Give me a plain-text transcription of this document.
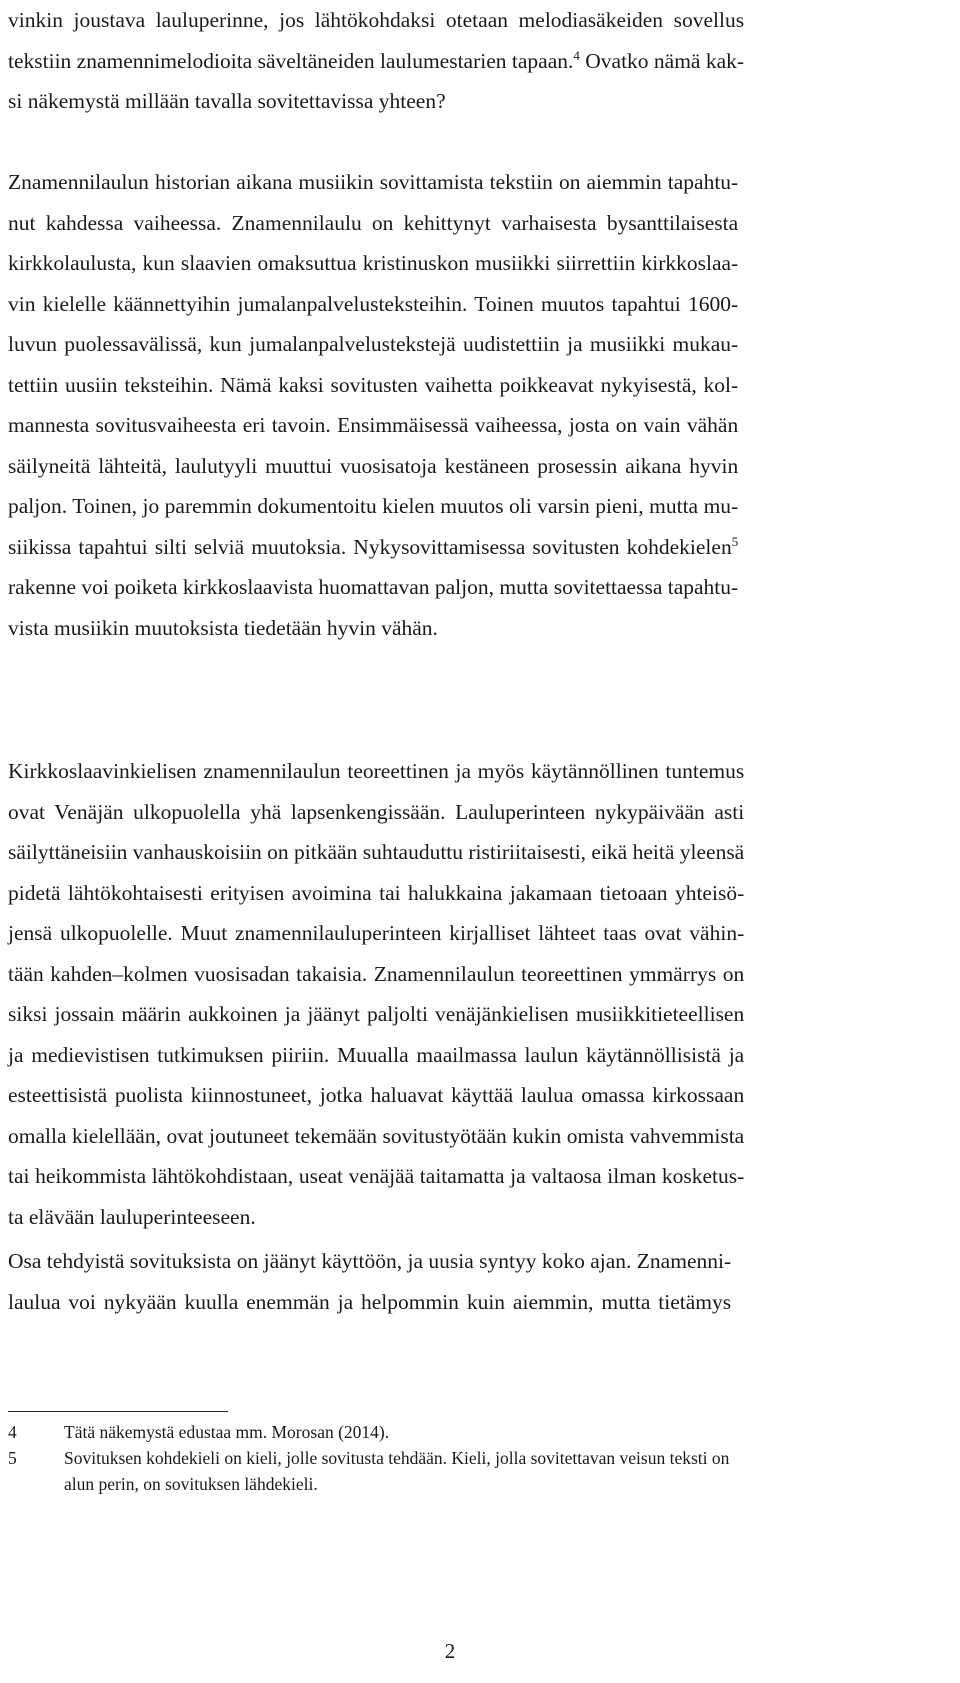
vinkin joustava lauluperinne, jos lähtökohdaksi otetaan melodiasäkeiden sovellus
tekstiin znamennimelodioita säveltäneiden laulumestarien tapaan.$^4$ Ovatko nämä kak-
si näkemystä millään tavalla sovitettavissa yhteen?

Znamennilaulun historian aikana musiikin sovittamista tekstiin on aiemmin tapahtu-
nut kahdessa vaiheessa. Znamennilaulu on kehittynyt varhaisesta bysanttilaisesta
kirkkolaulusta, kun slaavien omaksuttua kristinuskon musiikki siirrettiin kirkkoslaa-
vin kielelle käännettyihin jumalanpalvelusteksteihin. Toinen muutos tapahtui 1600-
luvun puolessavälissä, kun jumalanpalvelustekstejä uudistettiin ja musiikki mukau-
tettiin uusiin teksteihin. Nämä kaksi sovitusten vaihetta poikkeavat nykyisestä, kol-
mannesta sovitusvaiheesta eri tavoin. Ensimmäisessä vaiheessa, josta on vain vähän
säilyneitä lähteitä, laulutyyli muuttui vuosisatoja kestäneen prosessin aikana hyvin
paljon. Toinen, jo paremmin dokumentoitu kielen muutos oli varsin pieni, mutta mu-
siikissa tapahtui silti selviä muutoksia. Nykysovittamisessa sovitusten kohdekielen$^5$
rakenne voi poiketa kirkkoslaavista huomattavan paljon, mutta sovitettaessa tapahtu-
vista musiikin muutoksista tiedetään hyvin vähän.

Kirkkoslaavinkielisen znamennilaulun teoreettinen ja myös käytännöllinen tuntemus
ovat Venäjän ulkopuolella yhä lapsenkengissään. Lauluperinteen nykypäivään asti
säilyttäneisiin vanhauskoisiin on pitkään suhtauduttu ristiriitaisesti, eikä heitä yleensä
pidetä lähtökohtaisesti erityisen avoimina tai halukkaina jakamaan tietoaan yhteisö-
jensä ulkopuolelle. Muut znamennilauluperinteen kirjalliset lähteet taas ovat vähin-
tään kahden–kolmen vuosisadan takaisia. Znamennilaulun teoreettinen ymmärrys on
siksi jossain määrin aukkoinen ja jäänyt paljolti venäjänkielisen musiikkitieteellisen
ja medievistisen tutkimuksen piiriin. Muualla maailmassa laulun käytännöllisistä ja
esteettisistä puolista kiinnostuneet, jotka haluavat käyttää laulua omassa kirkossaan
omalla kielellään, ovat joutuneet tekemään sovitustyötään kukin omista vahvemmista
tai heikommista lähtökohdistaan, useat venäjää taitamatta ja valtaosa ilman kosketus-
ta elävään lauluperinteeseen.

Osa tehdyistä sovituksista on jäänyt käyttöön, ja uusia syntyy koko ajan. Znamenni-
laulua voi nykyään kuulla enemmän ja helpommin kuin aiemmin, mutta tietämys

4	Tätä näkemystä edustaa mm. Morosan (2014).
5	Sovituksen kohdekieli on kieli, jolle sovitusta tehdään. Kieli, jolla sovitettavan veisun teksti on
alun perin, on sovituksen lähdekieli.
2
